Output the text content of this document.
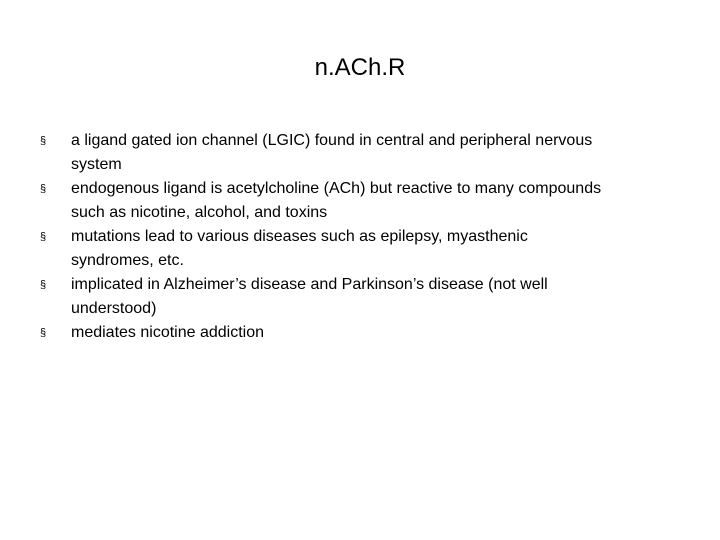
n.ACh.R
§	a ligand gated ion channel (LGIC) found in central and peripheral nervous
system
§	endogenous ligand is acetylcholine (ACh) but reactive to many compounds
such as nicotine, alcohol, and toxins
§	mutations lead to various diseases such as epilepsy, myasthenic
syndromes, etc.
§	implicated in Alzheimer’s disease and Parkinson’s disease (not well
understood)
§	mediates nicotine addiction
